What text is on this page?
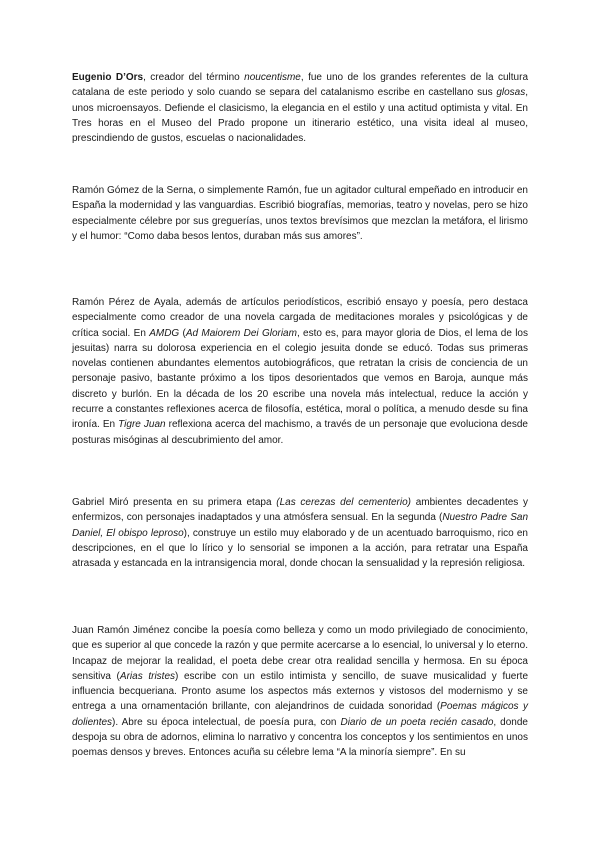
Eugenio D’Ors, creador del término noucentisme, fue uno de los grandes referentes de la cultura catalana de este periodo y solo cuando se separa del catalanismo escribe en castellano sus glosas, unos microensayos. Defiende el clasicismo, la elegancia en el estilo y una actitud optimista y vital. En Tres horas en el Museo del Prado propone un itinerario estético, una visita ideal al museo, prescindiendo de gustos, escuelas o nacionalidades.

Ramón Gómez de la Serna, o simplemente Ramón, fue un agitador cultural empeñado en introducir en España la modernidad y las vanguardias. Escribió biografías, memorias, teatro y novelas, pero se hizo especialmente célebre por sus greguerías, unos textos brevísimos que mezclan la metáfora, el lirismo y el humor: “Como daba besos lentos, duraban más sus amores”.

Ramón Pérez de Ayala, además de artículos periodísticos, escribió ensayo y poesía, pero destaca especialmente como creador de una novela cargada de meditaciones morales y psicológicas y de crítica social. En AMDG (Ad Maiorem Dei Gloriam, esto es, para mayor gloria de Dios, el lema de los jesuitas) narra su dolorosa experiencia en el colegio jesuita donde se educó. Todas sus primeras novelas contienen abundantes elementos autobiográficos, que retratan la crisis de conciencia de un personaje pasivo, bastante próximo a los tipos desorientados que vemos en Baroja, aunque más discreto y burlón. En la década de los 20 escribe una novela más intelectual, reduce la acción y recurre a constantes reflexiones acerca de filosofía, estética, moral o política, a menudo desde su fina ironía. En Tigre Juan reflexiona acerca del machismo, a través de un personaje que evoluciona desde posturas misóginas al descubrimiento del amor.

Gabriel Miró presenta en su primera etapa (Las cerezas del cementerio) ambientes decadentes y enfermizos, con personajes inadaptados y una atmósfera sensual. En la segunda (Nuestro Padre San Daniel, El obispo leproso), construye un estilo muy elaborado y de un acentuado barroquismo, rico en descripciones, en el que lo lírico y lo sensorial se imponen a la acción, para retratar una España atrasada y estancada en la intransigencia moral, donde chocan la sensualidad y la represión religiosa.

Juan Ramón Jiménez concibe la poesía como belleza y como un modo privilegiado de conocimiento, que es superior al que concede la razón y que permite acercarse a lo esencial, lo universal y lo eterno. Incapaz de mejorar la realidad, el poeta debe crear otra realidad sencilla y hermosa. En su época sensitiva (Arias tristes) escribe con un estilo intimista y sencillo, de suave musicalidad y fuerte influencia becqueriana. Pronto asume los aspectos más externos y vistosos del modernismo y se entrega a una ornamentación brillante, con alejandrinos de cuidada sonoridad (Poemas mágicos y dolientes). Abre su época intelectual, de poesía pura, con Diario de un poeta recién casado, donde despoja su obra de adornos, elimina lo narrativo y concentra los conceptos y los sentimientos en unos poemas densos y breves. Entonces acuña su célebre lema “A la minoría siempre”. En su
